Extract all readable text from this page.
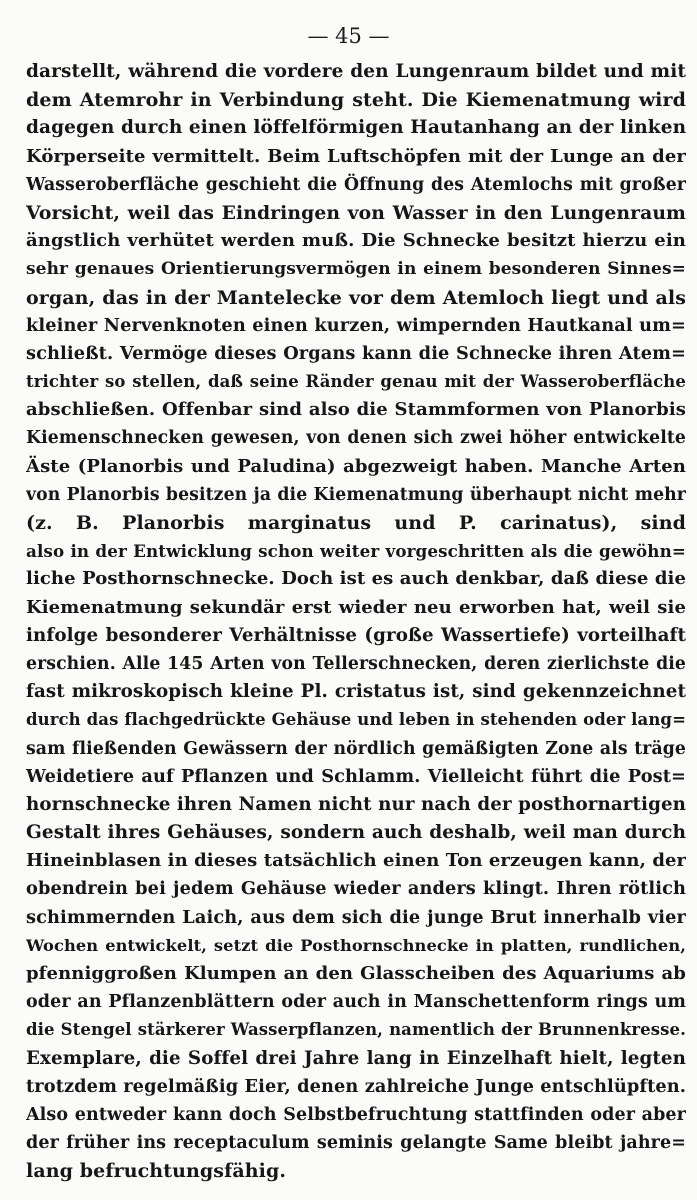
— 45 —
darstellt, während die vordere den Lungenraum bildet und mit
dem Atemrohr in Verbindung steht. Die Kiemenatmung wird
dagegen durch einen löffelförmigen Hautanhang an der linken
Körperseite vermittelt. Beim Luftschöpfen mit der Lunge an der
Wasseroberfläche geschieht die Öffnung des Atemlochs mit großer
Vorsicht, weil das Eindringen von Wasser in den Lungenraum
ängstlich verhütet werden muß. Die Schnecke besitzt hierzu ein
sehr genaues Orientierungsvermögen in einem besonderen Sinnes=
organ, das in der Mantelecke vor dem Atemloch liegt und als
kleiner Nervenknoten einen kurzen, wimpernden Hautkanal um=
schließt. Vermöge dieses Organs kann die Schnecke ihren Atem=
trichter so stellen, daß seine Ränder genau mit der Wasseroberfläche
abschließen. Offenbar sind also die Stammformen von Planorbis
Kiemenschnecken gewesen, von denen sich zwei höher entwickelte
Äste (Planorbis und Paludina) abgezweigt haben. Manche Arten
von Planorbis besitzen ja die Kiemenatmung überhaupt nicht mehr
(z. B. Planorbis marginatus und P. carinatus), sind
also in der Entwicklung schon weiter vorgeschritten als die gewöhn=
liche Posthornschnecke. Doch ist es auch denkbar, daß diese die
Kiemenatmung sekundär erst wieder neu erworben hat, weil sie
infolge besonderer Verhältnisse (große Wassertiefe) vorteilhaft
erschien. Alle 145 Arten von Tellerschnecken, deren zierlichste die
fast mikroskopisch kleine Pl. cristatus ist, sind gekennzeichnet
durch das flachgedrückte Gehäuse und leben in stehenden oder lang=
sam fließenden Gewässern der nördlich gemäßigten Zone als träge
Weidetiere auf Pflanzen und Schlamm. Vielleicht führt die Post=
hornschnecke ihren Namen nicht nur nach der posthornartigen
Gestalt ihres Gehäuses, sondern auch deshalb, weil man durch
Hineinblasen in dieses tatsächlich einen Ton erzeugen kann, der
obendrein bei jedem Gehäuse wieder anders klingt. Ihren rötlich
schimmernden Laich, aus dem sich die junge Brut innerhalb vier
Wochen entwickelt, setzt die Posthornschnecke in platten, rundlichen,
pfenniggroßen Klumpen an den Glasscheiben des Aquariums ab
oder an Pflanzenblättern oder auch in Manschettenform rings um
die Stengel stärkerer Wasserpflanzen, namentlich der Brunnenkresse.
Exemplare, die Soffel drei Jahre lang in Einzelhaft hielt, legten
trotzdem regelmäßig Eier, denen zahlreiche Junge entschlüpften.
Also entweder kann doch Selbstbefruchtung stattfinden oder aber
der früher ins receptaculum seminis gelangte Same bleibt jahre=
lang befruchtungsfähig.
